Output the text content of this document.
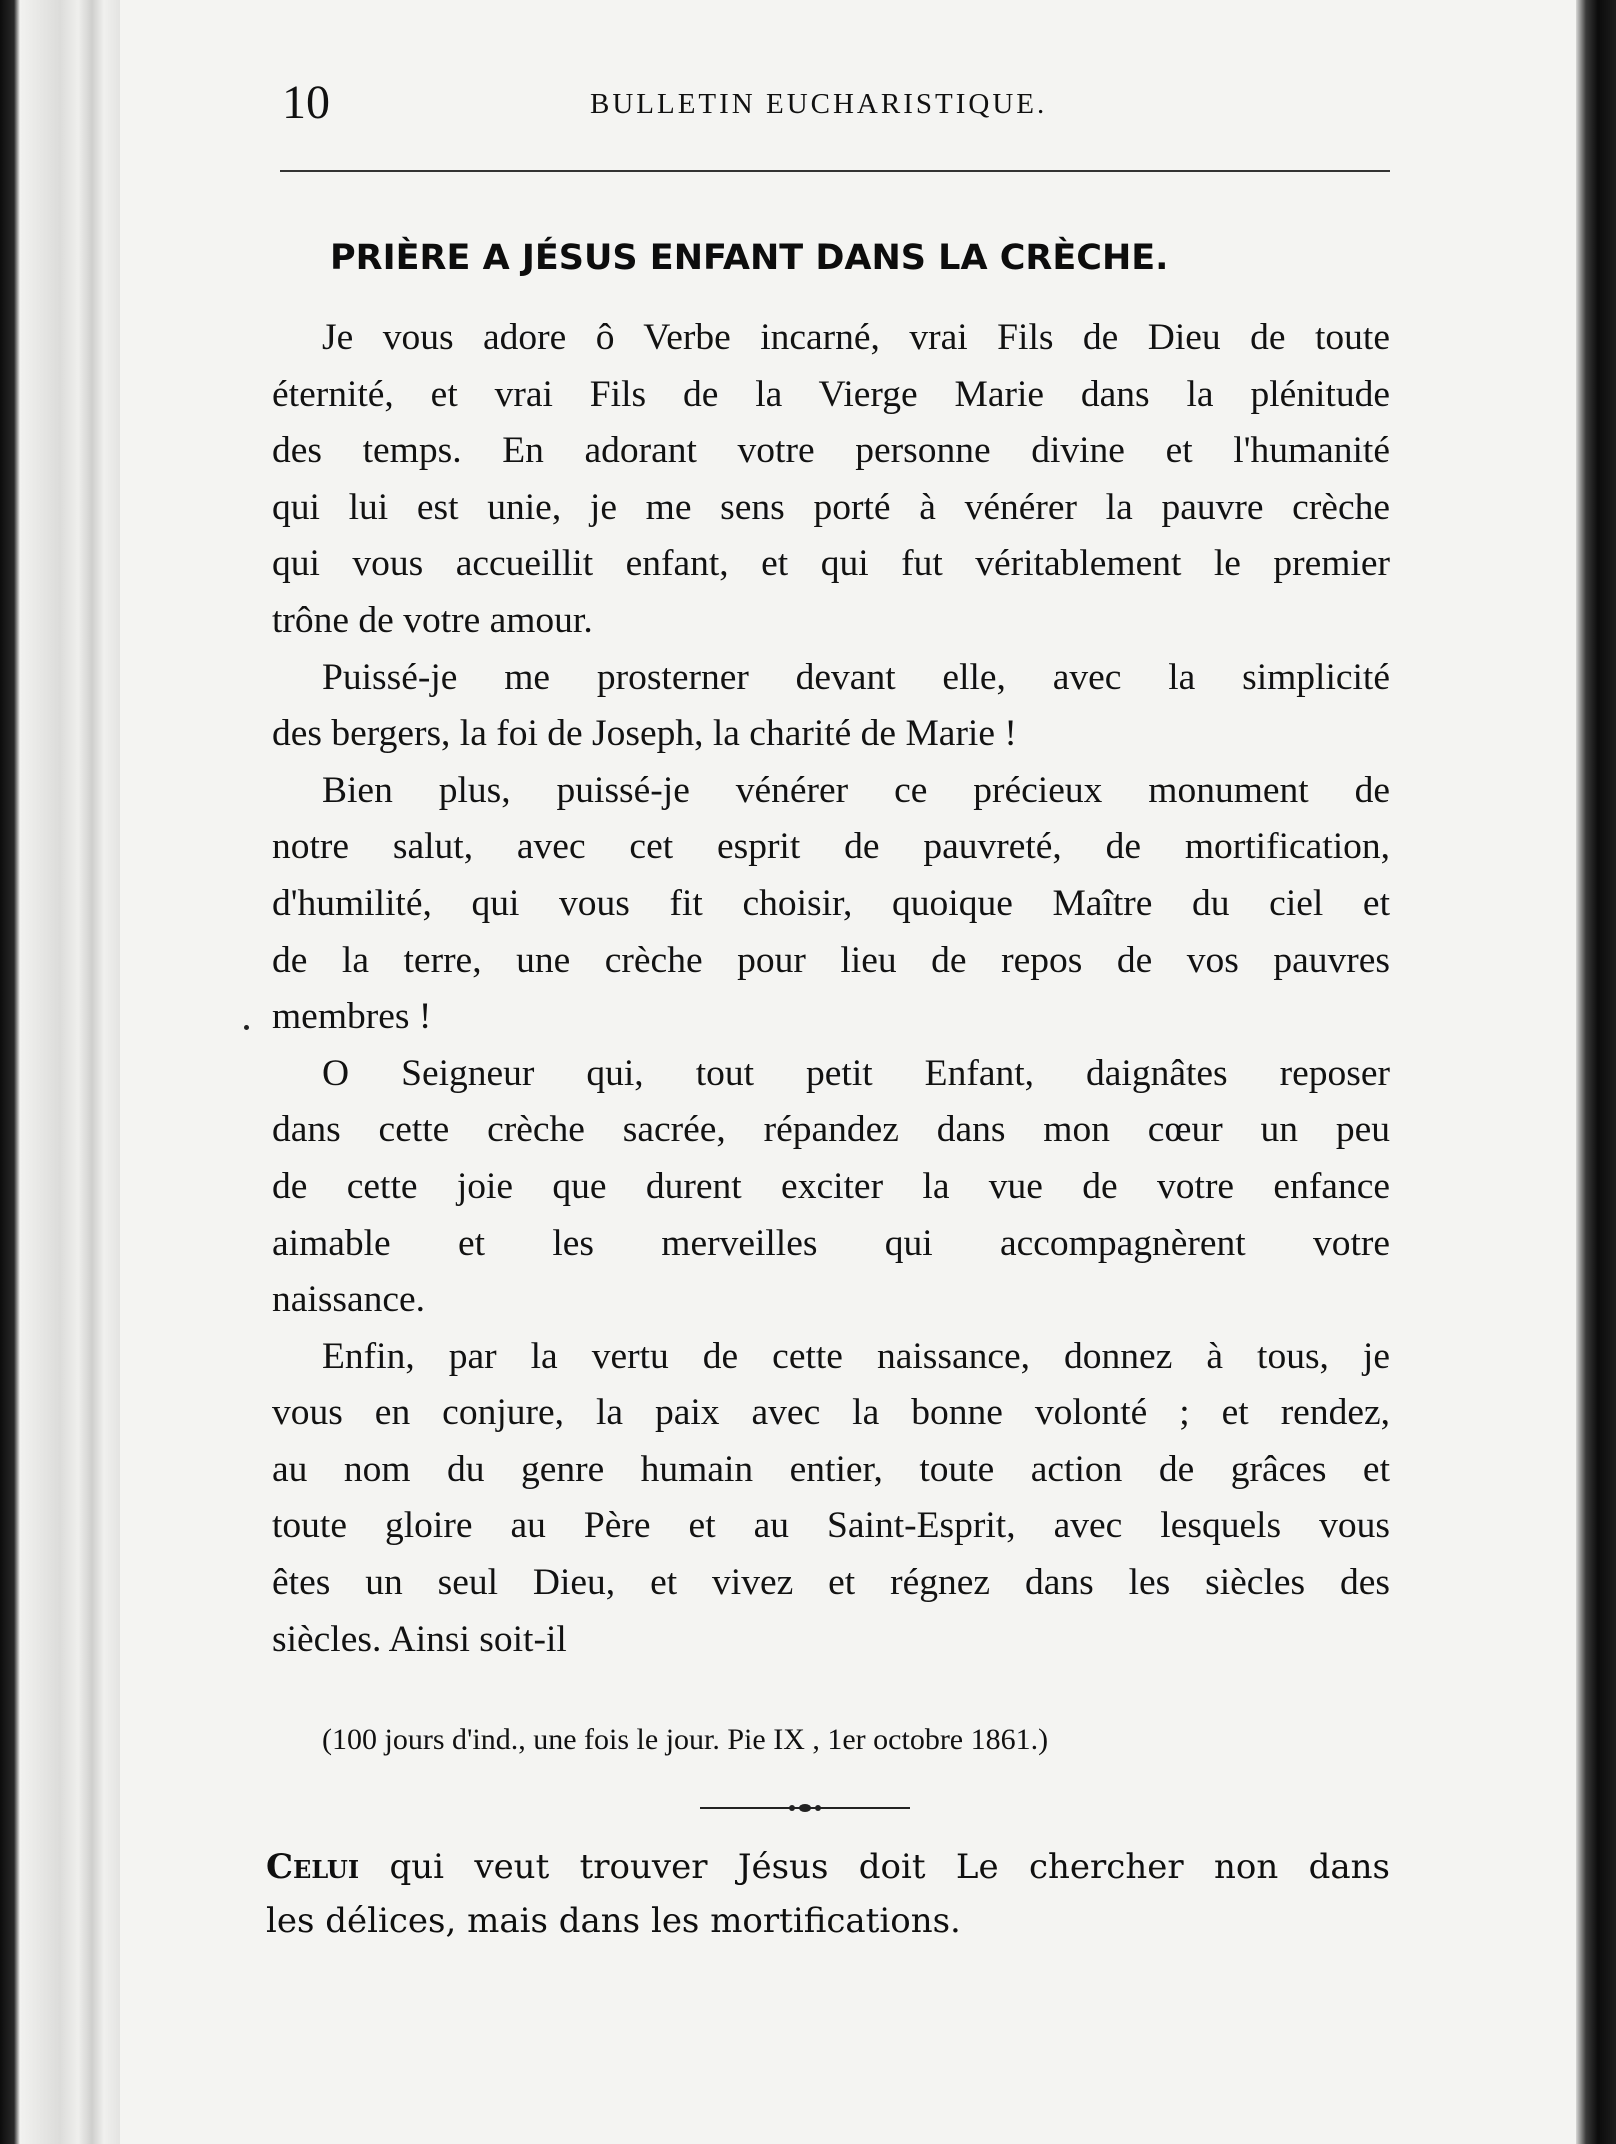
10	BULLETIN EUCHARISTIQUE.
PRIÈRE A JÉSUS ENFANT DANS LA CRÈCHE.

Je vous adore ô Verbe incarné, vrai Fils de Dieu de toute
éternité, et vrai Fils de la Vierge Marie dans la plénitude
des temps. En adorant votre personne divine et l'humanité
qui lui est unie, je me sens porté à vénérer la pauvre crèche
qui vous accueillit enfant, et qui fut véritablement le premier
trône de votre amour.

Puissé-je me prosterner devant elle, avec la simplicité
des bergers, la foi de Joseph, la charité de Marie !

Bien plus, puissé-je vénérer ce précieux monument de
notre salut, avec cet esprit de pauvreté, de mortification,
d'humilité, qui vous fit choisir, quoique Maître du ciel et
de la terre, une crèche pour lieu de repos de vos pauvres
membres !

O Seigneur qui, tout petit Enfant, daignâtes reposer
dans cette crèche sacrée, répandez dans mon cœur un peu
de cette joie que durent exciter la vue de votre enfance
aimable et les merveilles qui accompagnèrent votre
naissance.

Enfin, par la vertu de cette naissance, donnez à tous, je
vous en conjure, la paix avec la bonne volonté ; et rendez,
au nom du genre humain entier, toute action de grâces et
toute gloire au Père et au Saint-Esprit, avec lesquels vous
êtes un seul Dieu, et vivez et régnez dans les siècles des
siècles. Ainsi soit-il

(100 jours d'ind., une fois le jour. Pie IX , 1er octobre 1861.)
Celui qui veut trouver Jésus doit Le chercher non dans
les délices, mais dans les mortifications.
